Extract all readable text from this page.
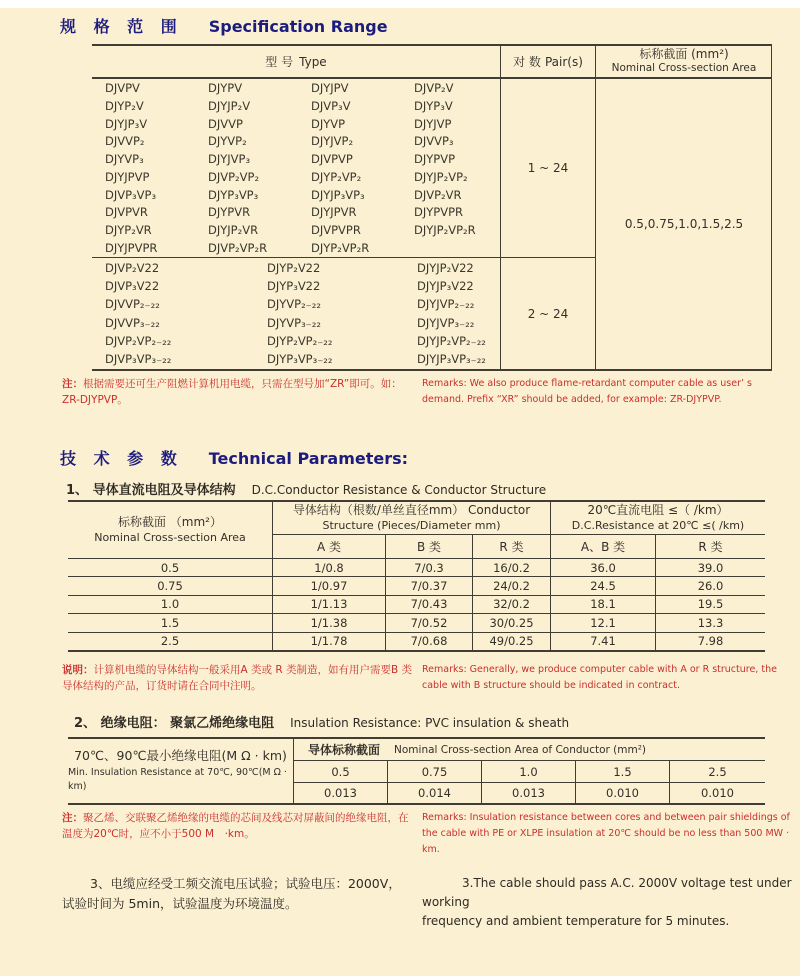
规 格 范 围 Specification Range
型 号 Type	对 数 Pair(s)
标称截面 (mm²)
Nominal Cross-section Area
DJVPV	DJYPV	DJYJPV	DJVP₂V
DJYP₂V	DJYJP₂V	DJVP₃V	DJYP₃V
DJYJP₃V	DJVVP	DJYVP	DJYJVP
DJVVP₂	DJYVP₂	DJYJVP₂	DJVVP₃
DJYVP₃	DJYJVP₃	DJVPVP	DJYPVP
DJYJPVP	DJVP₂VP₂	DJYP₂VP₂	DJYJP₂VP₂
DJVP₃VP₃	DJYP₃VP₃	DJYJP₃VP₃	DJVP₂VR
DJVPVR	DJYPVR	DJYJPVR	DJYPVPR
DJYP₂VR	DJYJP₂VR	DJVPVPR	DJYJP₂VP₂R
DJYJPVPR	DJVP₂VP₂R	DJYP₂VP₂R
1 ~ 24
0.5,0.75,1.0,1.5,2.5
DJVP₂V22	DJYP₂V22	DJYJP₂V22
DJVP₃V22	DJYP₃V22	DJYJP₃V22
DJVVP₂₋₂₂	DJYVP₂₋₂₂	DJYJVP₂₋₂₂
DJVVP₃₋₂₂	DJYVP₃₋₂₂	DJYJVP₃₋₂₂
DJVP₂VP₂₋₂₂	DJYP₂VP₂₋₂₂	DJYJP₂VP₂₋₂₂
DJVP₃VP₃₋₂₂	DJYP₃VP₃₋₂₂	DJYJP₃VP₃₋₂₂
2 ~ 24
注：根据需要还可生产阻燃计算机用电缆，只需在型号加“ZR”即可。如：ZR-DJYPVP。
Remarks: We also produce flame-retardant computer cable as user’ s demand. Prefix “XR” should be added, for example: ZR-DJYPVP.
技 术 参 数 Technical Parameters:
1、 导体直流电阻及导体结构 D.C.Conductor Resistance & Conductor Structure
标称截面 （mm²）
Nominal Cross-section Area
导体结构（根数/单丝直径mm） Conductor
Structure (Pieces/Diameter mm)
20℃直流电阻 ≤（ /km）
D.C.Resistance at 20℃ ≤( /km)
A 类	B 类	R 类	A、B 类	R 类
0.5	1/0.8	7/0.3	16/0.2	36.0	39.0
0.75	1/0.97	7/0.37	24/0.2	24.5	26.0
1.0	1/1.13	7/0.43	32/0.2	18.1	19.5
1.5	1/1.38	7/0.52	30/0.25	12.1	13.3
2.5	1/1.78	7/0.68	49/0.25	7.41	7.98
说明：计算机电缆的导体结构一般采用A 类或 R 类制造，如有用户需要B 类导体结构的产品，订货时请在合同中注明。
Remarks: Generally, we produce computer cable with A or R structure, the cable with B structure should be indicated in contract.
2、 绝缘电阻： 聚氯乙烯绝缘电阻 Insulation Resistance: PVC insulation & sheath
70℃、90℃最小绝缘电阻(M Ω · km)
Min. Insulation Resistance at 70℃, 90℃(M Ω · km)
导体标称截面 Nominal Cross-section Area of Conductor (mm²)
0.5	0.75	1.0	1.5	2.5
0.013	0.014	0.013	0.010	0.010
注：聚乙烯、交联聚乙烯绝缘的电缆的芯间及线芯对屏蔽间的绝缘电阻，在温度为20℃时，应不小于500 M　·km。
Remarks: Insulation resistance between cores and between pair shieldings of the cable with PE or XLPE insulation at 20℃ should be no less than 500 MW · km.
3、电缆应经受工频交流电压试验；试验电压：2000V，
试验时间为 5min，试验温度为环境温度。
3.The cable should pass A.C. 2000V voltage test under working
frequency and ambient temperature for 5 minutes.
